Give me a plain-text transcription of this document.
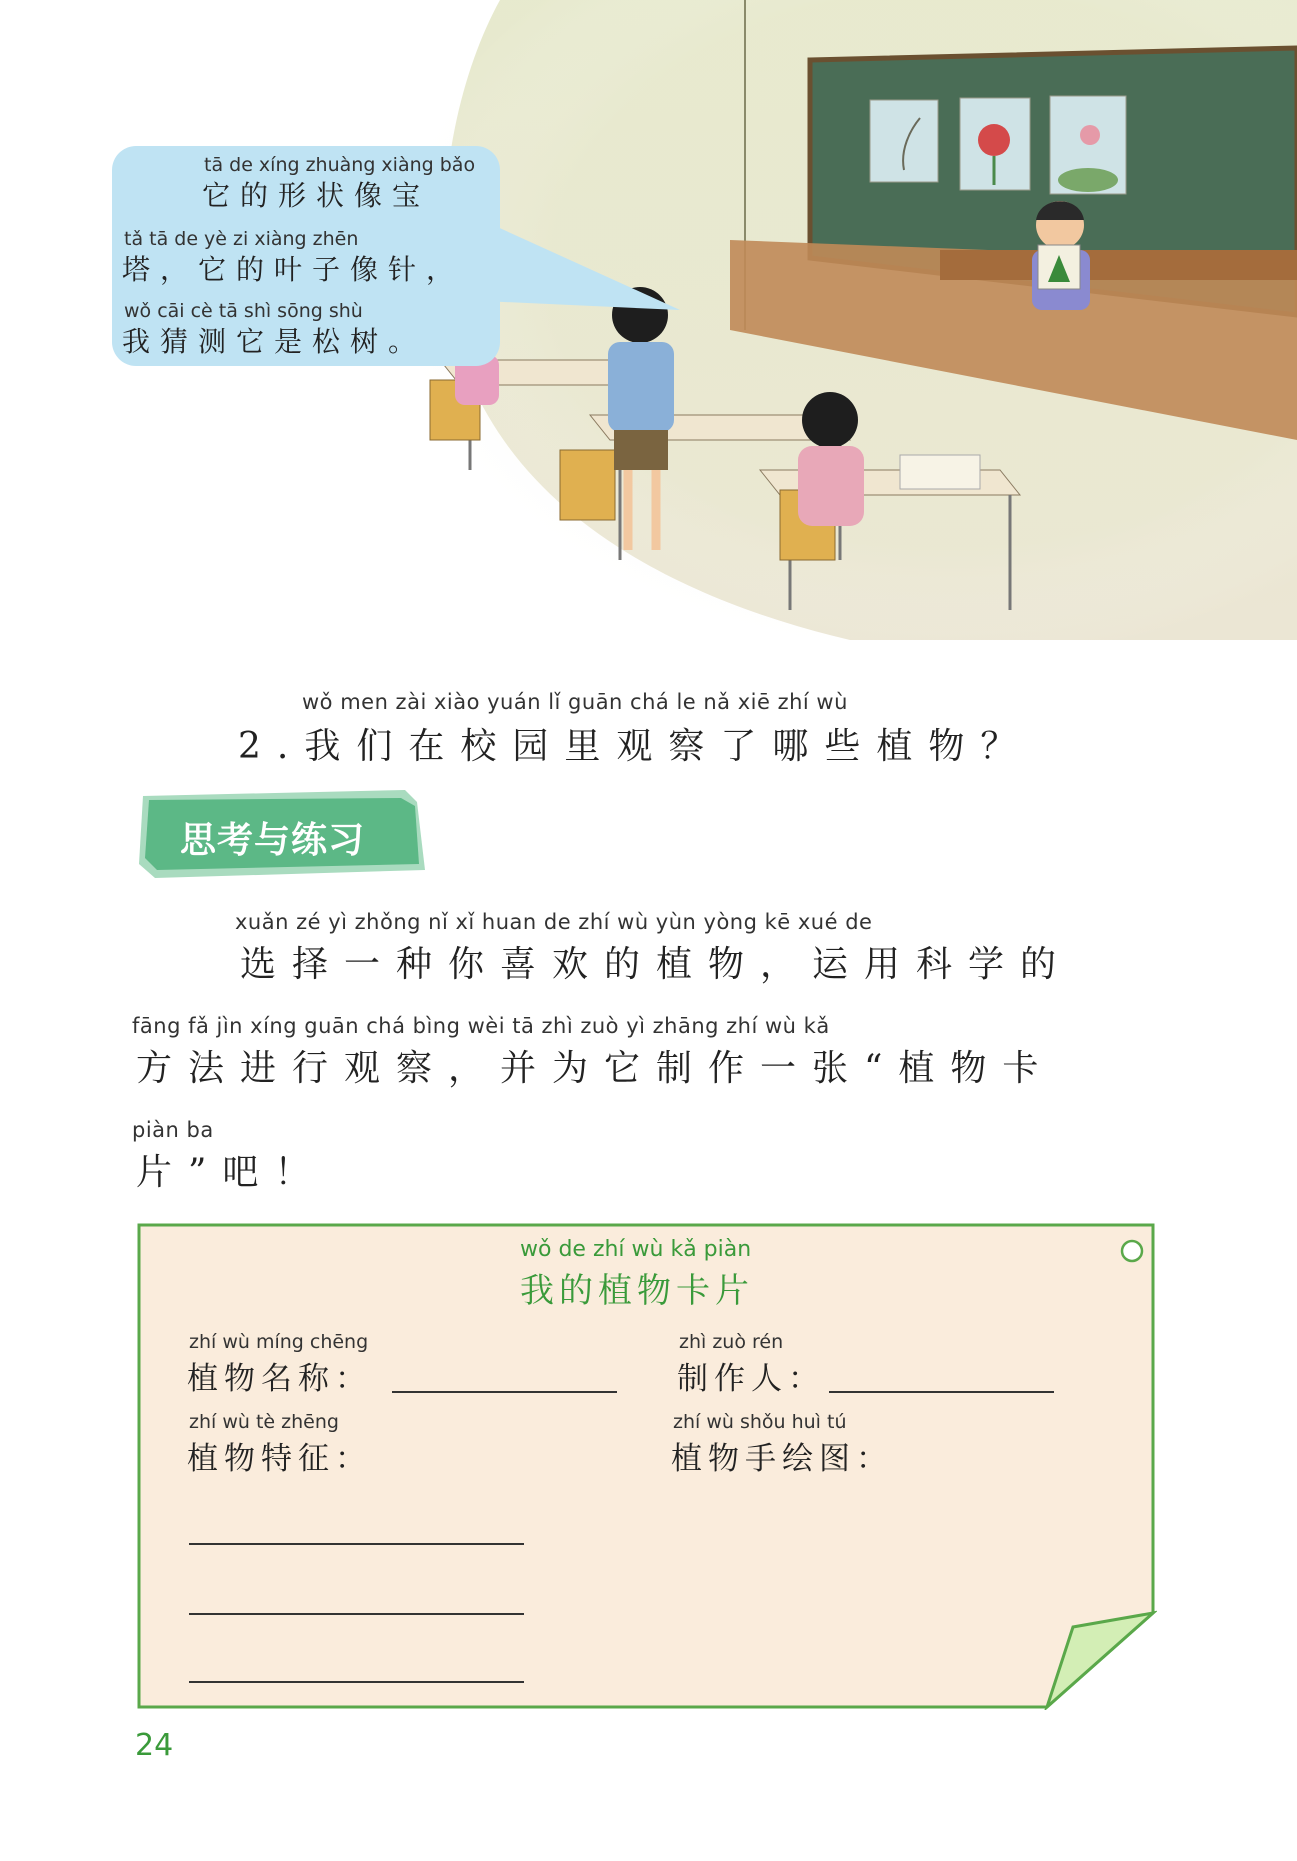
tā de xíng zhuàng xiàng bǎo
它的形状像宝
tǎ tā de yè zi xiàng zhēn
塔，它的叶子像针，
wǒ cāi cè tā shì sōng shù
我猜测它是松树。
wǒ men zài xiào yuán lǐ guān chá le nǎ xiē zhí wù
2.我们在校园里观察了哪些植物？
思考与练习
xuǎn zé yì zhǒng nǐ xǐ huan de zhí wù yùn yòng kē xué de
选择一种你喜欢的植物，运用科学的
fāng fǎ jìn xíng guān chá bìng wèi tā zhì zuò yì zhāng zhí wù kǎ
方法进行观察，并为它制作一张“植物卡
piàn ba
片”吧！
wǒ de zhí wù kǎ piàn
我的植物卡片
zhí wù míng chēng
植物名称：
zhì zuò rén
制作人：
zhí wù tè zhēng
植物特征：
zhí wù shǒu huì tú
植物手绘图：
24
